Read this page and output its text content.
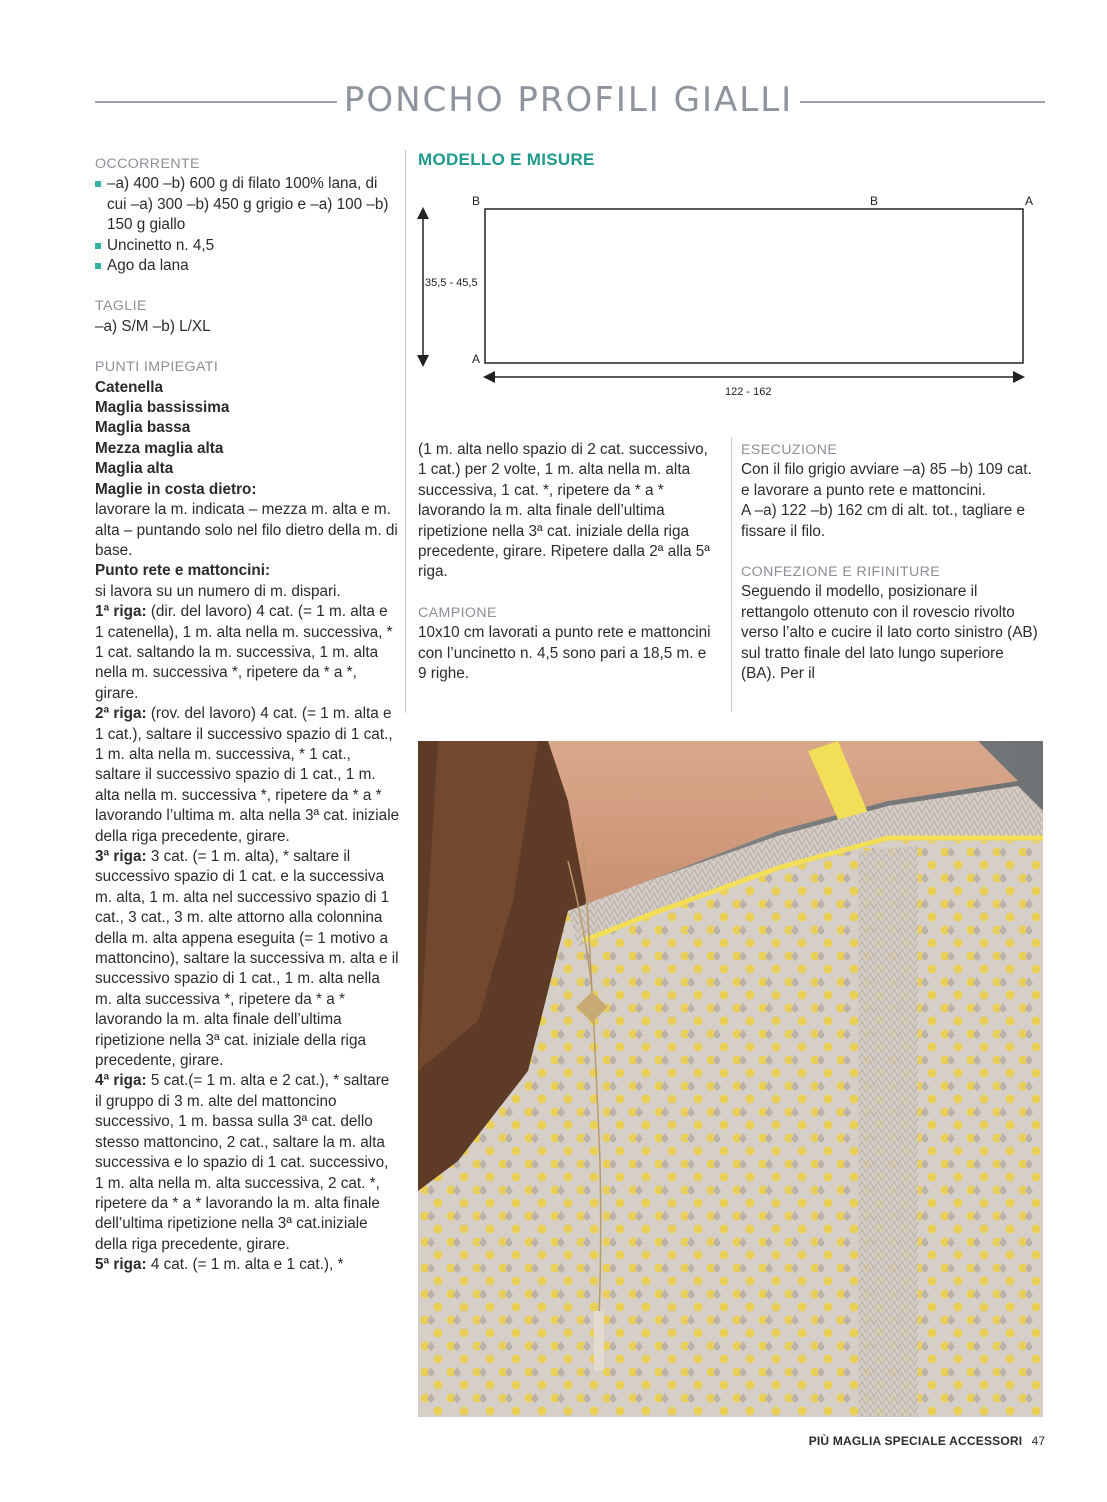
PONCHO PROFILI GIALLI

OCCORRENTE

–a) 400 –b) 600 g di filato 100% lana, di cui –a) 300 –b) 450 g grigio e –a) 100 –b) 150 g giallo
Uncinetto n. 4,5
Ago da lana

TAGLIE

–a) S/M –b) L/XL

PUNTI IMPIEGATI

Catenella

Maglia bassissima

Maglia bassa

Mezza maglia alta

Maglia alta

Maglie in costa dietro:

lavorare la m. indicata – mezza m. alta e m. alta – puntando solo nel filo dietro della m. di base.

Punto rete e mattoncini:

si lavora su un numero di m. dispari.

1ª riga: (dir. del lavoro) 4 cat. (= 1 m. alta e 1 catenella), 1 m. alta nella m. successiva, * 1 cat. saltando la m. successiva, 1 m. alta nella m. successiva *, ripetere da * a *, girare.

2ª riga: (rov. del lavoro) 4 cat. (= 1 m. alta e 1 cat.), saltare il successivo spazio di 1 cat., 1 m. alta nella m. successiva, * 1 cat., saltare il successivo spazio di 1 cat., 1 m. alta nella m. successiva *, ripetere da * a * lavorando l’ultima m. alta nella 3ª cat. iniziale della riga precedente, girare.

3ª riga: 3 cat. (= 1 m. alta), * saltare il successivo spazio di 1 cat. e la successiva m. alta, 1 m. alta nel successivo spazio di 1 cat., 3 cat., 3 m. alte attorno alla colonnina della m. alta appena eseguita (= 1 motivo a mattoncino), saltare la successiva m. alta e il successivo spazio di 1 cat., 1 m. alta nella m. alta successiva *, ripetere da * a * lavorando la m. alta finale dell’ultima ripetizione nella 3ª cat. iniziale della riga precedente, girare.

4ª riga: 5 cat.(= 1 m. alta e 2 cat.), * saltare il gruppo di 3 m. alte del mattoncino successivo, 1 m. bassa sulla 3ª cat. dello stesso mattoncino, 2 cat., saltare la m. alta successiva e lo spazio di 1 cat. successivo, 1 m. alta nella m. alta successiva, 2 cat. *, ripetere da * a * lavorando la m. alta finale dell’ultima ripetizione nella 3ª cat.iniziale della riga precedente, girare.

5ª riga: 4 cat. (= 1 m. alta e 1 cat.), *

MODELLO E MISURE
B	B	A
A
35,5 - 45,5
122 - 162

(1 m. alta nello spazio di 2 cat. successivo, 1 cat.) per 2 volte, 1 m. alta nella m. alta successiva, 1 cat. *, ripetere da * a * lavorando la m. alta finale dell’ultima ripetizione nella 3ª cat. iniziale della riga precedente, girare. Ripetere dalla 2ª alla 5ª riga.

CAMPIONE

10x10 cm lavorati a punto rete e mattoncini con l’uncinetto n. 4,5 sono pari a 18,5 m. e 9 righe.

ESECUZIONE

Con il filo grigio avviare –a) 85 –b) 109 cat. e lavorare a punto rete e mattoncini.

A –a) 122 –b) 162 cm di alt. tot., tagliare e fissare il filo.

CONFEZIONE E RIFINITURE

Seguendo il modello, posizionare il rettangolo ottenuto con il rovescio rivolto verso l’alto e cucire il lato corto sinistro (AB) sul tratto finale del lato lungo superiore (BA). Per il

PIÙ MAGLIA SPECIALE ACCESSORI 47
